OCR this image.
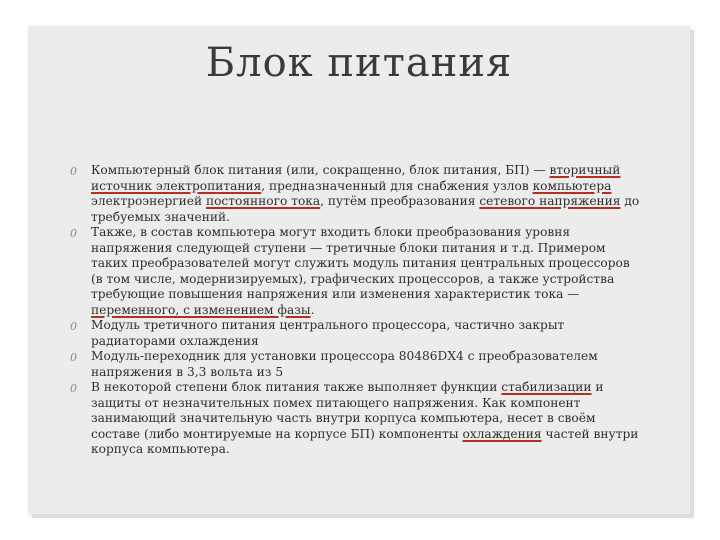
Блок питания
0 Компьютерный блок питания (или, сокращенно, блок питания, БП) — вторичный источник электропитания, предназначенный для снабжения узлов компьютера электроэнергией постоянного тока, путём преобразования сетевого напряжения до требуемых значений.
0 Также, в состав компьютера могут входить блоки преобразования уровня напряжения следующей ступени — третичные блоки питания и т.д. Примером таких преобразователей могут служить модуль питания центральных процессоров (в том числе, модернизируемых), графических процессоров, а также устройства требующие повышения напряжения или изменения характеристик тока — переменного, с изменением фазы.
0 Модуль третичного питания центрального процессора, частично закрыт радиаторами охлаждения
0 Модуль-переходник для установки процессора 80486DX4 с преобразователем напряжения в 3,3 вольта из 5
0 В некоторой степени блок питания также выполняет функции стабилизации и защиты от незначительных помех питающего напряжения. Как компонент занимающий значительную часть внутри корпуса компьютера, несет в своём составе (либо монтируемые на корпусе БП) компоненты охлаждения частей внутри корпуса компьютера.
